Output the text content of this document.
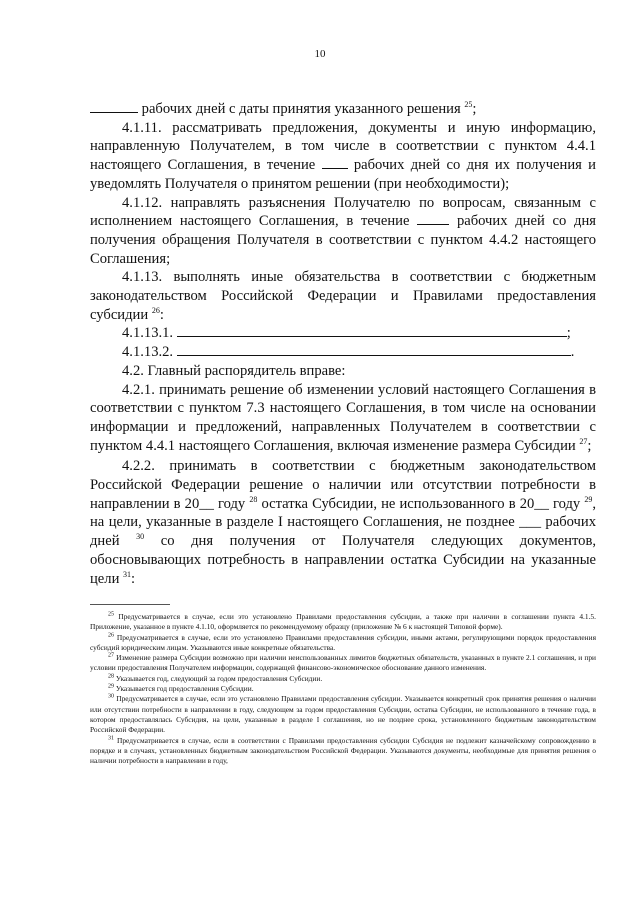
10

рабочих дней с даты принятия указанного решения $^{25}$;

4.1.11. рассматривать предложения, документы и иную информацию, направленную Получателем, в том числе в соответствии с пунктом 4.4.1 настоящего Соглашения, в течение	рабочих дней со дня их получения и уведомлять Получателя о принятом решении (при необходимости);

4.1.12. направлять разъяснения Получателю по вопросам, связанным с исполнением настоящего Соглашения, в течение	рабочих дней со дня получения обращения Получателя в соответствии с пунктом 4.4.2 настоящего Соглашения;

4.1.13. выполнять иные обязательства в соответствии с бюджетным законодательством Российской Федерации и Правилами предоставления субсидии $^{26}$:

4.1.13.1.	;

4.1.13.2.	.

4.2. Главный распорядитель вправе:

4.2.1. принимать решение об изменении условий настоящего Соглашения в соответствии с пунктом 7.3 настоящего Соглашения, в том числе на основании информации и предложений, направленных Получателем в соответствии с пунктом 4.4.1 настоящего Соглашения, включая изменение размера Субсидии $^{27}$;

4.2.2. принимать в соответствии с бюджетным законодательством Российской Федерации решение о наличии или отсутствии потребности в направлении в 20__ году $^{28}$ остатка Субсидии, не использованного в 20__ году $^{29}$, на цели, указанные в разделе I настоящего Соглашения, не позднее ___ рабочих дней $^{30}$ со дня получения от Получателя следующих документов, обосновывающих потребность в направлении остатка Субсидии на указанные цели $^{31}$:

$^{25}$ Предусматривается в случае, если это установлено Правилами предоставления субсидии, а также при наличии в соглашении пункта 4.1.5. Приложение, указанное в пункте 4.1.10, оформляется по рекомендуемому образцу (приложение № 6 к настоящей Типовой форме).

$^{26}$ Предусматривается в случае, если это установлено Правилами предоставления субсидии, иными актами, регулирующими порядок предоставления субсидий юридическим лицам. Указываются иные конкретные обязательства.

$^{27}$ Изменение размера Субсидии возможно при наличии неиспользованных лимитов бюджетных обязательств, указанных в пункте 2.1 соглашения, и при условии предоставления Получателем информации, содержащей финансово-экономическое обоснование данного изменения.

$^{28}$ Указывается год, следующий за годом предоставления Субсидии.

$^{29}$ Указывается год предоставления Субсидии.

$^{30}$ Предусматривается в случае, если это установлено Правилами предоставления субсидии. Указывается конкретный срок принятия решения о наличии или отсутствии потребности в направлении в году, следующем за годом предоставления Субсидии, остатка Субсидии, не использованного в течение года, в котором предоставлялась Субсидия, на цели, указанные в разделе I соглашения, но не позднее срока, установленного бюджетным законодательством Российской Федерации.

$^{31}$ Предусматривается в случае, если в соответствии с Правилами предоставления субсидии Субсидия не подлежит казначейскому сопровождению в порядке и в случаях, установленных бюджетным законодательством Российской Федерации. Указываются документы, необходимые для принятия решения о наличии потребности в направлении в году,
